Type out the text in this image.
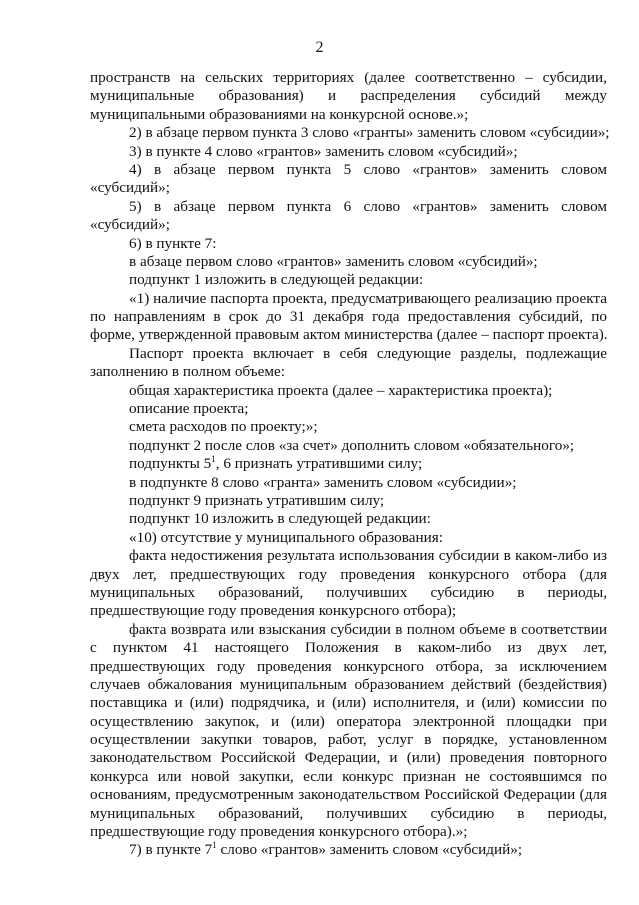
2
пространств на сельских территориях (далее соответственно – субсидии,
муниципальные образования) и распределения субсидий между
муниципальными образованиями на конкурсной основе.»;
2) в абзаце первом пункта 3 слово «гранты» заменить словом «субсидии»;
3) в пункте 4 слово «грантов» заменить словом «субсидий»;
4) в абзаце первом пункта 5 слово «грантов» заменить словом
«субсидий»;
5) в абзаце первом пункта 6 слово «грантов» заменить словом
«субсидий»;
6) в пункте 7:
в абзаце первом слово «грантов» заменить словом «субсидий»;
подпункт 1 изложить в следующей редакции:
«1) наличие паспорта проекта, предусматривающего реализацию проекта
по направлениям в срок до 31 декабря года предоставления субсидий, по
форме, утвержденной правовым актом министерства (далее – паспорт проекта).
Паспорт проекта включает в себя следующие разделы, подлежащие
заполнению в полном объеме:
общая характеристика проекта (далее – характеристика проекта);
описание проекта;
смета расходов по проекту;»;
подпункт 2 после слов «за счет» дополнить словом «обязательного»;
подпункты $5^1$, 6 признать утратившими силу;
в подпункте 8 слово «гранта» заменить словом «субсидии»;
подпункт 9 признать утратившим силу;
подпункт 10 изложить в следующей редакции:
«10) отсутствие у муниципального образования:
факта недостижения результата использования субсидии в каком-либо из
двух лет, предшествующих году проведения конкурсного отбора (для
муниципальных образований, получивших субсидию в периоды,
предшествующие году проведения конкурсного отбора);
факта возврата или взыскания субсидии в полном объеме в соответствии
с пунктом 41 настоящего Положения в каком-либо из двух лет,
предшествующих году проведения конкурсного отбора, за исключением
случаев обжалования муниципальным образованием действий (бездействия)
поставщика и (или) подрядчика, и (или) исполнителя, и (или) комиссии по
осуществлению закупок, и (или) оператора электронной площадки при
осуществлении закупки товаров, работ, услуг в порядке, установленном
законодательством Российской Федерации, и (или) проведения повторного
конкурса или новой закупки, если конкурс признан не состоявшимся по
основаниям, предусмотренным законодательством Российской Федерации (для
муниципальных образований, получивших субсидию в периоды,
предшествующие году проведения конкурсного отбора).»;
7) в пункте $7^1$ слово «грантов» заменить словом «субсидий»;
